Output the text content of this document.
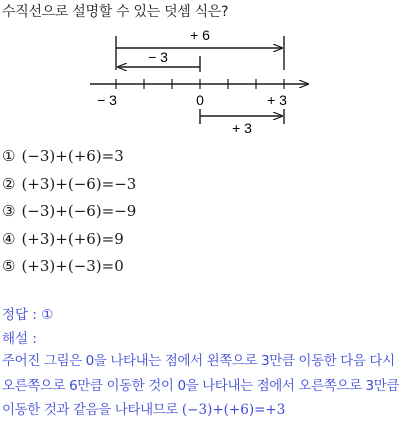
수직선으로 설명할 수 있는 덧셈 식은?
+ 6
− 3
− 3	0	+ 3
+ 3
① (−3)+(+6)=3
② (+3)+(−6)=−3
③ (−3)+(−6)=−9
④ (+3)+(+6)=9
⑤ (+3)+(−3)=0
정답 : ①
해설 :
주어진 그림은 0을 나타내는 점에서 왼쪽으로 3만큼 이동한 다음 다시 오른쪽으로 6만큼 이동한 것이 0을 나타내는 점에서 오른쪽으로 3만큼 이동한 것과 같음을 나타내므로 (−3)+(+6)=+3
